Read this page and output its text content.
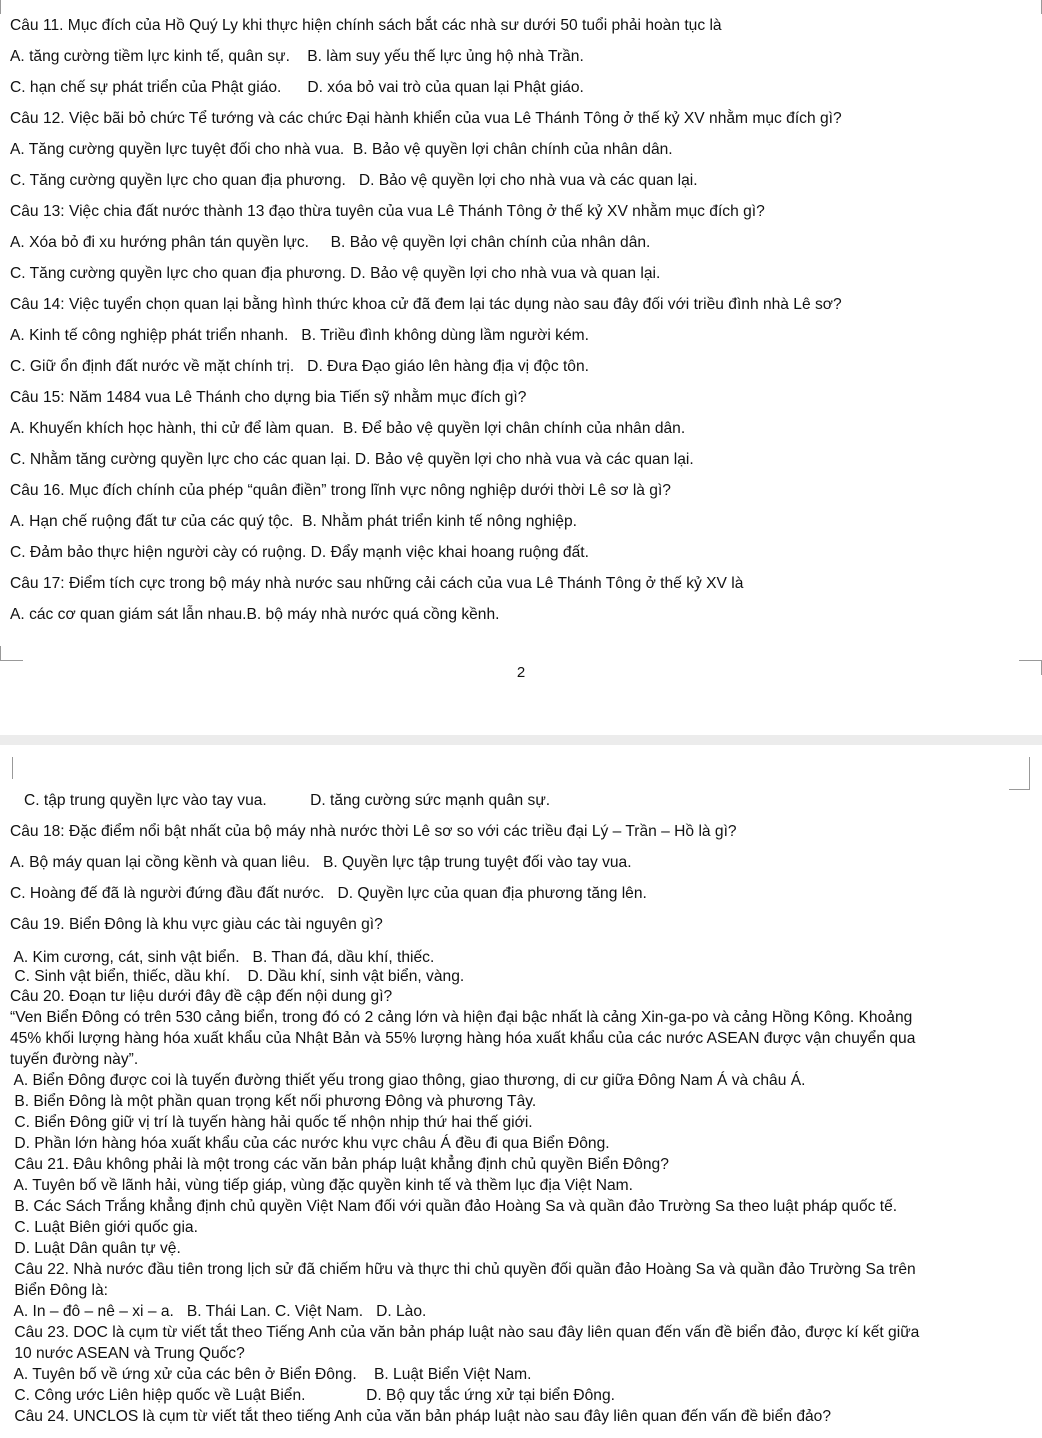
Câu 11. Mục đích của Hồ Quý Ly khi thực hiện chính sách bắt các nhà sư dưới 50 tuổi phải hoàn tục là
A. tăng cường tiềm lực kinh tế, quân sự.    B. làm suy yếu thế lực ủng hộ nhà Trần.
C. hạn chế sự phát triển của Phật giáo.      D. xóa bỏ vai trò của quan lại Phật giáo.
Câu 12. Việc bãi bỏ chức Tể tướng và các chức Đại hành khiển của vua Lê Thánh Tông ở thế kỷ XV nhằm mục đích gì?
A. Tăng cường quyền lực tuyệt đối cho nhà vua.  B. Bảo vệ quyền lợi chân chính của nhân dân.
C. Tăng cường quyền lực cho quan địa phương.   D. Bảo vệ quyền lợi cho nhà vua và các quan lại.
Câu 13: Việc chia đất nước thành 13 đạo thừa tuyên của vua Lê Thánh Tông ở thế kỷ XV nhằm mục đích gì?
A. Xóa bỏ đi xu hướng phân tán quyền lực.     B. Bảo vệ quyền lợi chân chính của nhân dân.
C. Tăng cường quyền lực cho quan địa phương. D. Bảo vệ quyền lợi cho nhà vua và quan lại.
Câu 14: Việc tuyển chọn quan lại bằng hình thức khoa cử đã đem lại tác dụng nào sau đây đối với triều đình nhà Lê sơ?
A. Kinh tế công nghiệp phát triển nhanh.   B. Triều đình không dùng lầm người kém.
C. Giữ ổn định đất nước về mặt chính trị.   D. Đưa Đạo giáo lên hàng địa vị độc tôn.
Câu 15: Năm 1484 vua Lê Thánh cho dựng bia Tiến sỹ nhằm mục đích gì?
A. Khuyến khích học hành, thi cử để làm quan.  B. Để bảo vệ quyền lợi chân chính của nhân dân.
C. Nhằm tăng cường quyền lực cho các quan lại. D. Bảo vệ quyền lợi cho nhà vua và các quan lại.
Câu 16. Mục đích chính của phép “quân điền” trong lĩnh vực nông nghiệp dưới thời Lê sơ là gì?
A. Hạn chế ruộng đất tư của các quý tộc.  B. Nhằm phát triển kinh tế nông nghiệp.
C. Đảm bảo thực hiện người cày có ruộng. D. Đẩy mạnh việc khai hoang ruộng đất.
Câu 17: Điểm tích cực trong bộ máy nhà nước sau những cải cách của vua Lê Thánh Tông ở thế kỷ XV là
A. các cơ quan giám sát lẫn nhau.B. bộ máy nhà nước quá cồng kềnh.
2
C. tập trung quyền lực vào tay vua.          D. tăng cường sức mạnh quân sự.
Câu 18: Đặc điểm nổi bật nhất của bộ máy nhà nước thời Lê sơ so với các triều đại Lý – Trần – Hồ là gì?
A. Bộ máy quan lại cồng kềnh và quan liêu.   B. Quyền lực tập trung tuyệt đối vào tay vua.
C. Hoàng đế đã là người đứng đầu đất nước.   D. Quyền lực của quan địa phương tăng lên.
Câu 19. Biển Đông là khu vực giàu các tài nguyên gì?
A. Kim cương, cát, sinh vật biển.   B. Than đá, dầu khí, thiếc.
C. Sinh vật biển, thiếc, dầu khí.    D. Dầu khí, sinh vật biển, vàng.
Câu 20. Đoạn tư liệu dưới đây đề cập đến nội dung gì?
“Ven Biển Đông có trên 530 cảng biển, trong đó có 2 cảng lớn và hiện đại bậc nhất là cảng Xin-ga-po và cảng Hồng Kông. Khoảng
45% khối lượng hàng hóa xuất khẩu của Nhật Bản và 55% lượng hàng hóa xuất khẩu của các nước ASEAN được vận chuyển qua
tuyến đường này”.
A. Biển Đông được coi là tuyến đường thiết yếu trong giao thông, giao thương, di cư giữa Đông Nam Á và châu Á.
B. Biển Đông là một phần quan trọng kết nối phương Đông và phương Tây.
C. Biển Đông giữ vị trí là tuyến hàng hải quốc tế nhộn nhịp thứ hai thế giới.
D. Phần lớn hàng hóa xuất khẩu của các nước khu vực châu Á đều đi qua Biển Đông.
Câu 21. Đâu không phải là một trong các văn bản pháp luật khẳng định chủ quyền Biển Đông?
A. Tuyên bố về lãnh hải, vùng tiếp giáp, vùng đặc quyền kinh tế và thềm lục địa Việt Nam.
B. Các Sách Trắng khẳng định chủ quyền Việt Nam đối với quần đảo Hoàng Sa và quần đảo Trường Sa theo luật pháp quốc tế.
C. Luật Biên giới quốc gia.
D. Luật Dân quân tự vệ.
Câu 22. Nhà nước đầu tiên trong lịch sử đã chiếm hữu và thực thi chủ quyền đối quần đảo Hoàng Sa và quần đảo Trường Sa trên
Biển Đông là:
A. In – đô – nê – xi – a.   B. Thái Lan. C. Việt Nam.   D. Lào.
Câu 23. DOC là cụm từ viết tắt theo Tiếng Anh của văn bản pháp luật nào sau đây liên quan đến vấn đề biển đảo, được kí kết giữa
10 nước ASEAN và Trung Quốc?
A. Tuyên bố về ứng xử của các bên ở Biển Đông.    B. Luật Biển Việt Nam.
C. Công ước Liên hiệp quốc về Luật Biển.              D. Bộ quy tắc ứng xử tại biển Đông.
Câu 24. UNCLOS là cụm từ viết tắt theo tiếng Anh của văn bản pháp luật nào sau đây liên quan đến vấn đề biển đảo?
